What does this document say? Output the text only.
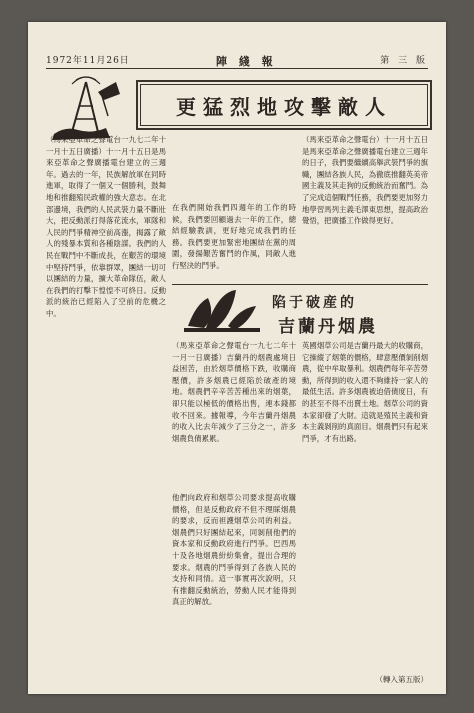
1972年11月26日	陣 綫 報	第 三 版
更猛烈地攻擊敵人
（馬來亞革命之聲電台一九七二年十一月十五日廣播）十一月十五日是馬來亞革命之聲廣播電台建立的三週年。過去的一年，民族解放軍在同時進軍，取得了一個又一個勝利，鼓舞地和推翻殖民政權的強大意志。在北部邊境，我們的人民武裝力量不斷壯大，把反動派打得落花流水，軍隊和人民的鬥爭精神空前高漲，揭露了敵人的殘暴本質和各種陰謀。我們的人民在戰鬥中不斷成長，在艱苦的環境中堅持鬥爭，依靠群眾，團結一切可以團結的力量，擴大革命隊伍，敵人在我們的打擊下惶惶不可終日。反動派的統治已經陷入了空前的危機之中。
在我們開始我們四週年的工作的時候，我們要回顧過去一年的工作，總結經驗教訓，更好地完成我們的任務。我們要更加緊密地團結在黨的周圍，發揚艱苦奮鬥的作風，同敵人進行堅決的鬥爭。
（馬來亞革命之聲電台）十一月十五日是馬來亞革命之聲廣播電台建立三週年的日子，我們要繼續高舉武裝鬥爭的旗幟，團結各族人民，為徹底推翻英美帝國主義及其走狗的反動統治而奮鬥。為了完成這個戰鬥任務，我們要更加努力地學習馬列主義毛澤東思想，提高政治覺悟，把廣播工作做得更好。
陷于破産的
吉蘭丹烟農
（馬來亞革命之聲電台一九七二年十一月一日廣播）吉蘭丹的烟農處境日益困苦，由於烟草價格下跌，收購商壓價，許多烟農已經陷於破產的境地。烟農們辛辛苦苦種出來的烟葉，卻只能以極低的價格出售，連本錢都收不回來。據報導，今年吉蘭丹烟農的收入比去年減少了三分之一，許多烟農負債累累。
他們向政府和烟草公司要求提高收購價格，但是反動政府不但不理睬烟農的要求，反而袒護烟草公司的利益。烟農們只好團結起來，同剝削他們的資本家和反動政府進行鬥爭。巴西馬十及各地烟農紛紛集會，提出合理的要求。烟農的鬥爭得到了各族人民的支持和同情。這一事實再次說明，只有推翻反動統治，勞動人民才能得到真正的解放。
英國烟草公司是吉蘭丹最大的收購商，它操縱了烟葉的價格，肆意壓價剝削烟農，從中牟取暴利。烟農們每年辛苦勞動，所得到的收入還不夠維持一家人的最低生活。許多烟農被迫借債度日，有的甚至不得不出賣土地。烟草公司的資本家卻發了大財。這就是殖民主義和資本主義剝削的真面目。烟農們只有起來鬥爭，才有出路。
（轉入第五版）
